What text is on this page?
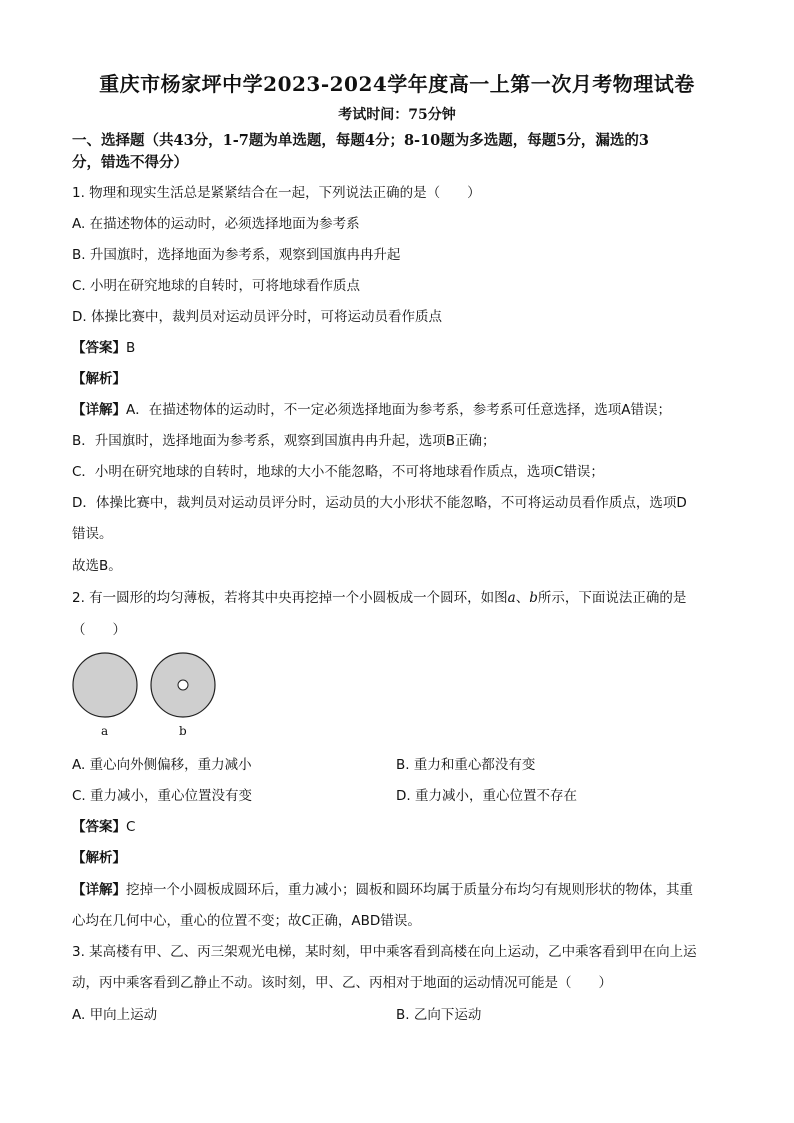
重庆市杨家坪中学2023-2024学年度高一上第一次月考物理试卷
考试时间：75分钟
一、选择题（共43分，1-7题为单选题，每题4分；8-10题为多选题，每题5分，漏选的3
分，错选不得分）
1. 物理和现实生活总是紧紧结合在一起，下列说法正确的是（　　）
A. 在描述物体的运动时，必须选择地面为参考系
B. 升国旗时，选择地面为参考系，观察到国旗冉冉升起
C. 小明在研究地球的自转时，可将地球看作质点
D. 体操比赛中，裁判员对运动员评分时，可将运动员看作质点
【答案】B
【解析】
【详解】A．在描述物体的运动时，不一定必须选择地面为参考系，参考系可任意选择，选项A错误；
B．升国旗时，选择地面为参考系，观察到国旗冉冉升起，选项B正确；
C．小明在研究地球的自转时，地球的大小不能忽略，不可将地球看作质点，选项C错误；
D．体操比赛中，裁判员对运动员评分时，运动员的大小形状不能忽略，不可将运动员看作质点，选项D
错误。
故选B。
2. 有一圆形的均匀薄板，若将其中央再挖掉一个小圆板成一个圆环，如图a、b所示，下面说法正确的是
（　　）
a	b
A. 重心向外侧偏移，重力减小	B. 重力和重心都没有变
C. 重力减小，重心位置没有变	D. 重力减小，重心位置不存在
【答案】C
【解析】
【详解】挖掉一个小圆板成圆环后，重力减小；圆板和圆环均属于质量分布均匀有规则形状的物体，其重
心均在几何中心，重心的位置不变；故C正确，ABD错误。
3. 某高楼有甲、乙、丙三架观光电梯，某时刻，甲中乘客看到高楼在向上运动，乙中乘客看到甲在向上运
动，丙中乘客看到乙静止不动。该时刻，甲、乙、丙相对于地面的运动情况可能是（　　）
A. 甲向上运动	B. 乙向下运动
